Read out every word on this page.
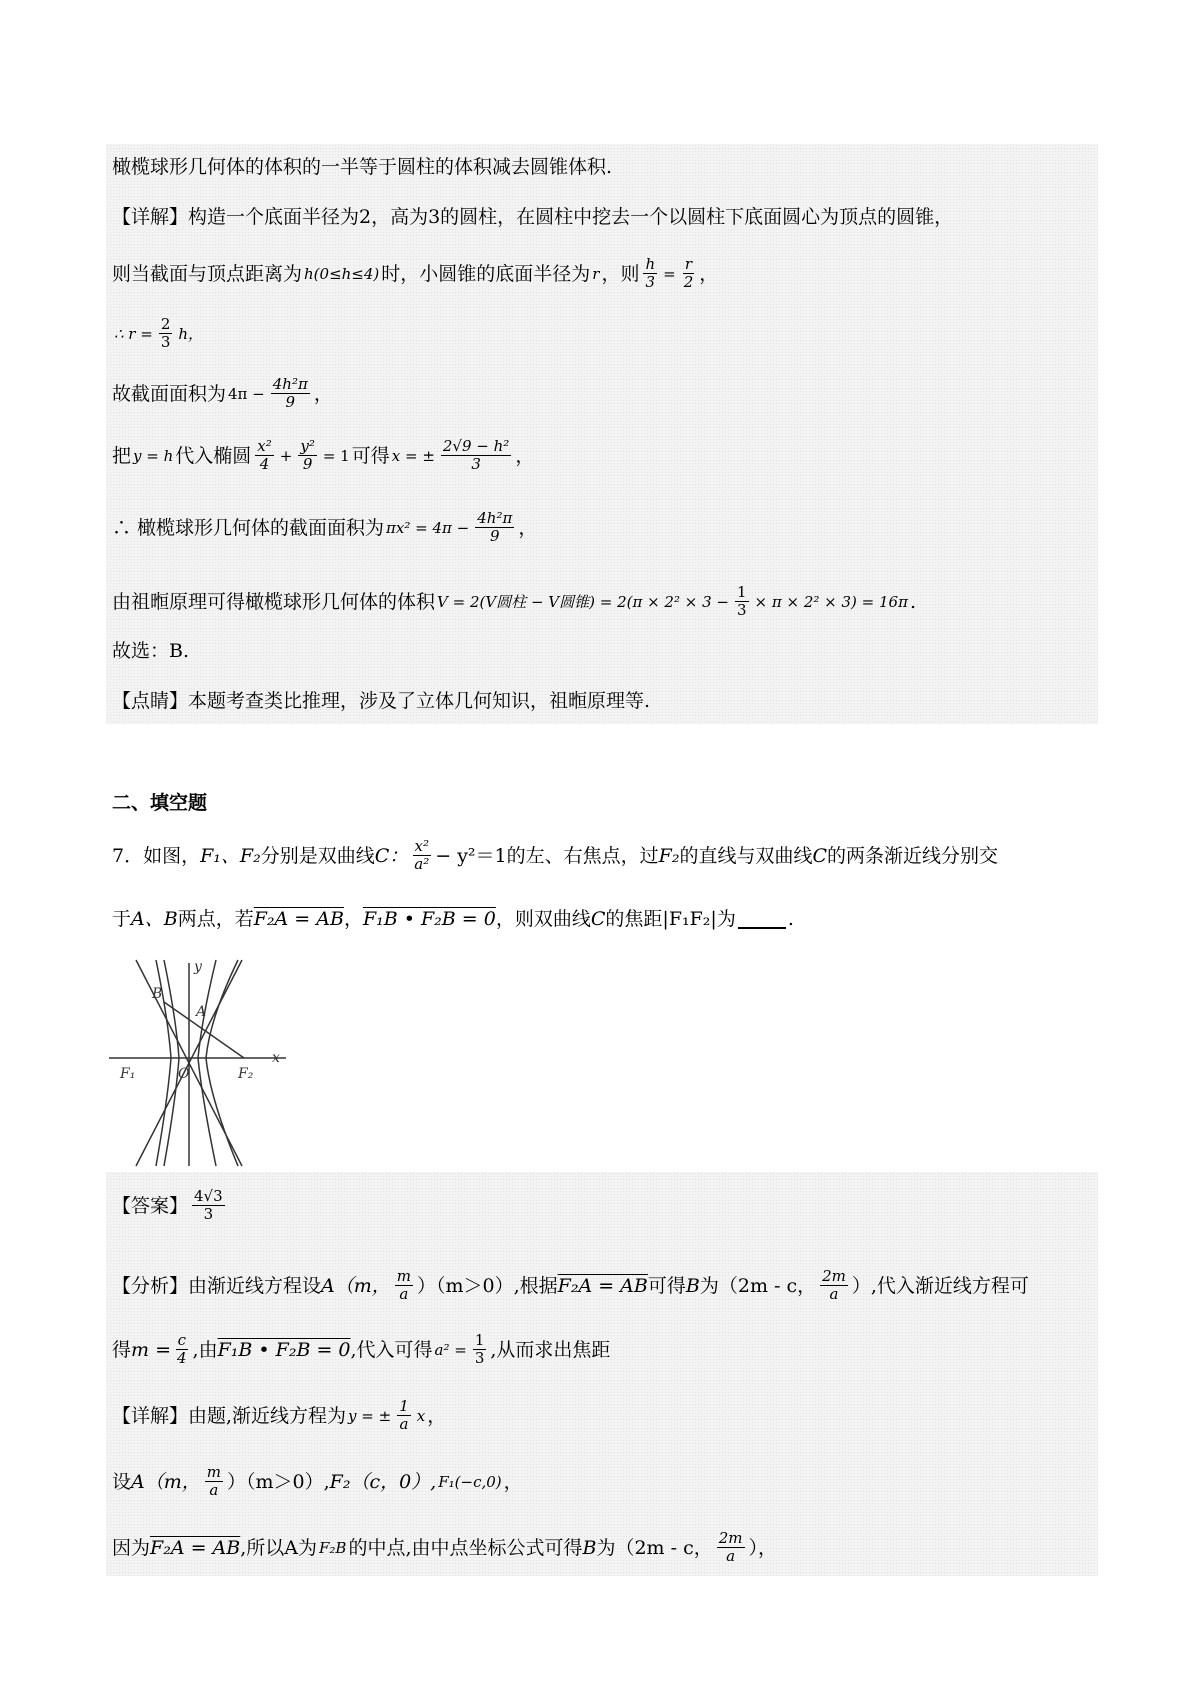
橄榄球形几何体的体积的一半等于圆柱的体积减去圆锥体积.
【详解】构造一个底面半径为2，高为3的圆柱，在圆柱中挖去一个以圆柱下底面圆心为顶点的圆锥，
则当截面与顶点距离为 h(0≤h≤4) 时，小圆锥的底面半径为 r ，则 $\frac{h}{3} = \frac{r}{2}$ ，
∴ $r = \frac{2}{3}$ h，
故截面面积为 $4\pi - \frac{\text{4h²π}}{9}$ ，
把 y = h 代入椭圆 $\frac{\text{x²}}{4} + \frac{\text{y²}}{9} = 1$ 可得 x = ± $\frac{\text{2√9 − h²}}{3}$ ，
∴ 橄榄球形几何体的截面面积为 $\pi x^2 = 4\pi - \frac{\text{4h²π}}{9}$ ，
由祖暅原理可得橄榄球形几何体的体积 V = 2(V圆柱 − V圆锥) = $2(\pi \times 2^2 \times 3 - \frac{1}{3} \times \pi \times 2^2 \times 3) = 16\pi$ .
故选：B.
【点睛】本题考查类比推理，涉及了立体几何知识，祖暅原理等.
二、填空题
7．如图， F₁、F₂ 分别是双曲线 C： $\frac{\text{x²}}{\text{a²}} - y^2=1$ 的左、右焦点，过 F₂ 的直线与双曲线 C 的两条渐近线分别交
于 A、B 两点，若 F₂A = AB ， F₁B • F₂B = 0 ，则双曲线 C 的焦距|F₁F₂|为	.
y
x
B
A
F₁	O	F₂
【答案】 $\frac{4√3}{3}$
【分析】由渐近线方程设 A（m， $\frac{m}{a} )(m>0)$,根据 F₂A = AB 可得 B 为（2m - c， $\frac{2m}{a}$ ）,代入渐近线方程可
得 $m = \frac{c}{4}$ ,由 F₁B • F₂B = 0 ,代入可得 $a^2 = \frac{1}{3}$ ,从而求出焦距
【详解】由题,渐近线方程为 y = ± $\frac{1}{a}$ x ，
设 A（m， $\frac{m}{a} )(m>0)$, F₂（c，0）, F₁(−c,0) ，
因为 F₂A = AB ,所以A为 F₂B 的中点,由中点坐标公式可得 B 为（2m - c， $\frac{2m}{a}$ ），
